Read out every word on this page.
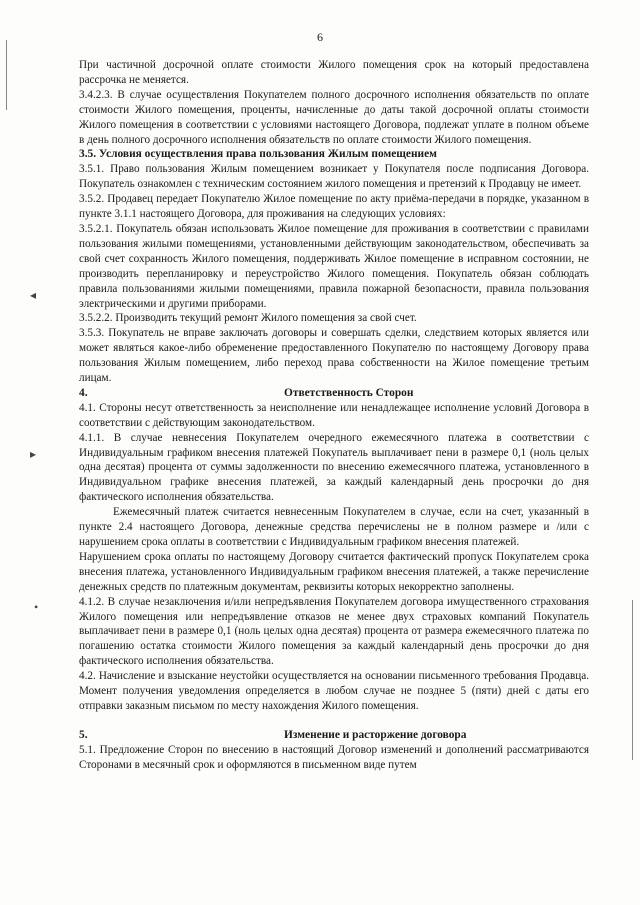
6
◂
▸
•

При частичной досрочной оплате стоимости Жилого помещения срок на который предоставлена рассрочка не меняется.

3.4.2.3. В случае осуществления Покупателем полного досрочного исполнения обязательств по оплате стоимости Жилого помещения, проценты, начисленные до даты такой досрочной оплаты стоимости Жилого помещения в соответствии с условиями настоящего Договора, подлежат уплате в полном объеме в день полного досрочного исполнения обязательств по оплате стоимости Жилого помещения.

3.5. Условия осуществления права пользования Жилым помещением

3.5.1. Право пользования Жилым помещением возникает у Покупателя после подписания Договора. Покупатель ознакомлен с техническим состоянием жилого помещения и претензий к Продавцу не имеет.

3.5.2. Продавец передает Покупателю Жилое помещение по акту приёма-передачи в порядке, указанном в пункте 3.1.1 настоящего Договора, для проживания на следующих условиях:

3.5.2.1. Покупатель обязан использовать Жилое помещение для проживания в соответствии с правилами пользования жилыми помещениями, установленными действующим законодательством, обеспечивать за свой счет сохранность Жилого помещения, поддерживать Жилое помещение в исправном состоянии, не производить перепланировку и переустройство Жилого помещения. Покупатель обязан соблюдать правила пользованиями жилыми помещениями, правила пожарной безопасности, правила пользования электрическими и другими приборами.

3.5.2.2. Производить текущий ремонт Жилого помещения за свой счет.

3.5.3. Покупатель не вправе заключать договоры и совершать сделки, следствием которых является или может являться какое-либо обременение предоставленного Покупателю по настоящему Договору права пользования Жилым помещением, либо переход права собственности на Жилое помещение третьим лицам.

4.	Ответственность Сторон

4.1. Стороны несут ответственность за неисполнение или ненадлежащее исполнение условий Договора в соответствии с действующим законодательством.

4.1.1. В случае невнесения Покупателем очередного ежемесячного платежа в соответствии с Индивидуальным графиком внесения платежей Покупатель выплачивает пени в размере 0,1 (ноль целых одна десятая) процента от суммы задолженности по внесению ежемесячного платежа, установленного в Индивидуальном графике внесения платежей, за каждый календарный день просрочки до дня фактического исполнения обязательства.

Ежемесячный платеж считается невнесенным Покупателем в случае, если на счет, указанный в пункте 2.4 настоящего Договора, денежные средства перечислены не в полном размере и /или с нарушением срока оплаты в соответствии с Индивидуальным графиком внесения платежей.

Нарушением срока оплаты по настоящему Договору считается фактический пропуск Покупателем срока внесения платежа, установленного Индивидуальным графиком внесения платежей, а также перечисление денежных средств по платежным документам, реквизиты которых некорректно заполнены.

4.1.2. В случае незаключения и/или непредъявления Покупателем договора имущественного страхования Жилого помещения или непредъявление отказов не менее двух страховых компаний Покупатель выплачивает пени в размере 0,1 (ноль целых одна десятая) процента от размера ежемесячного платежа по погашению остатка стоимости Жилого помещения за каждый календарный день просрочки до дня фактического исполнения обязательства.

4.2. Начисление и взыскание неустойки осуществляется на основании письменного требования Продавца. Момент получения уведомления определяется в любом случае не позднее 5 (пяти) дней с даты его отправки заказным письмом по месту нахождения Жилого помещения.

5.	Изменение и расторжение договора

5.1. Предложение Сторон по внесению в настоящий Договор изменений и дополнений рассматриваются Сторонами в месячный срок и оформляются в письменном виде путем
